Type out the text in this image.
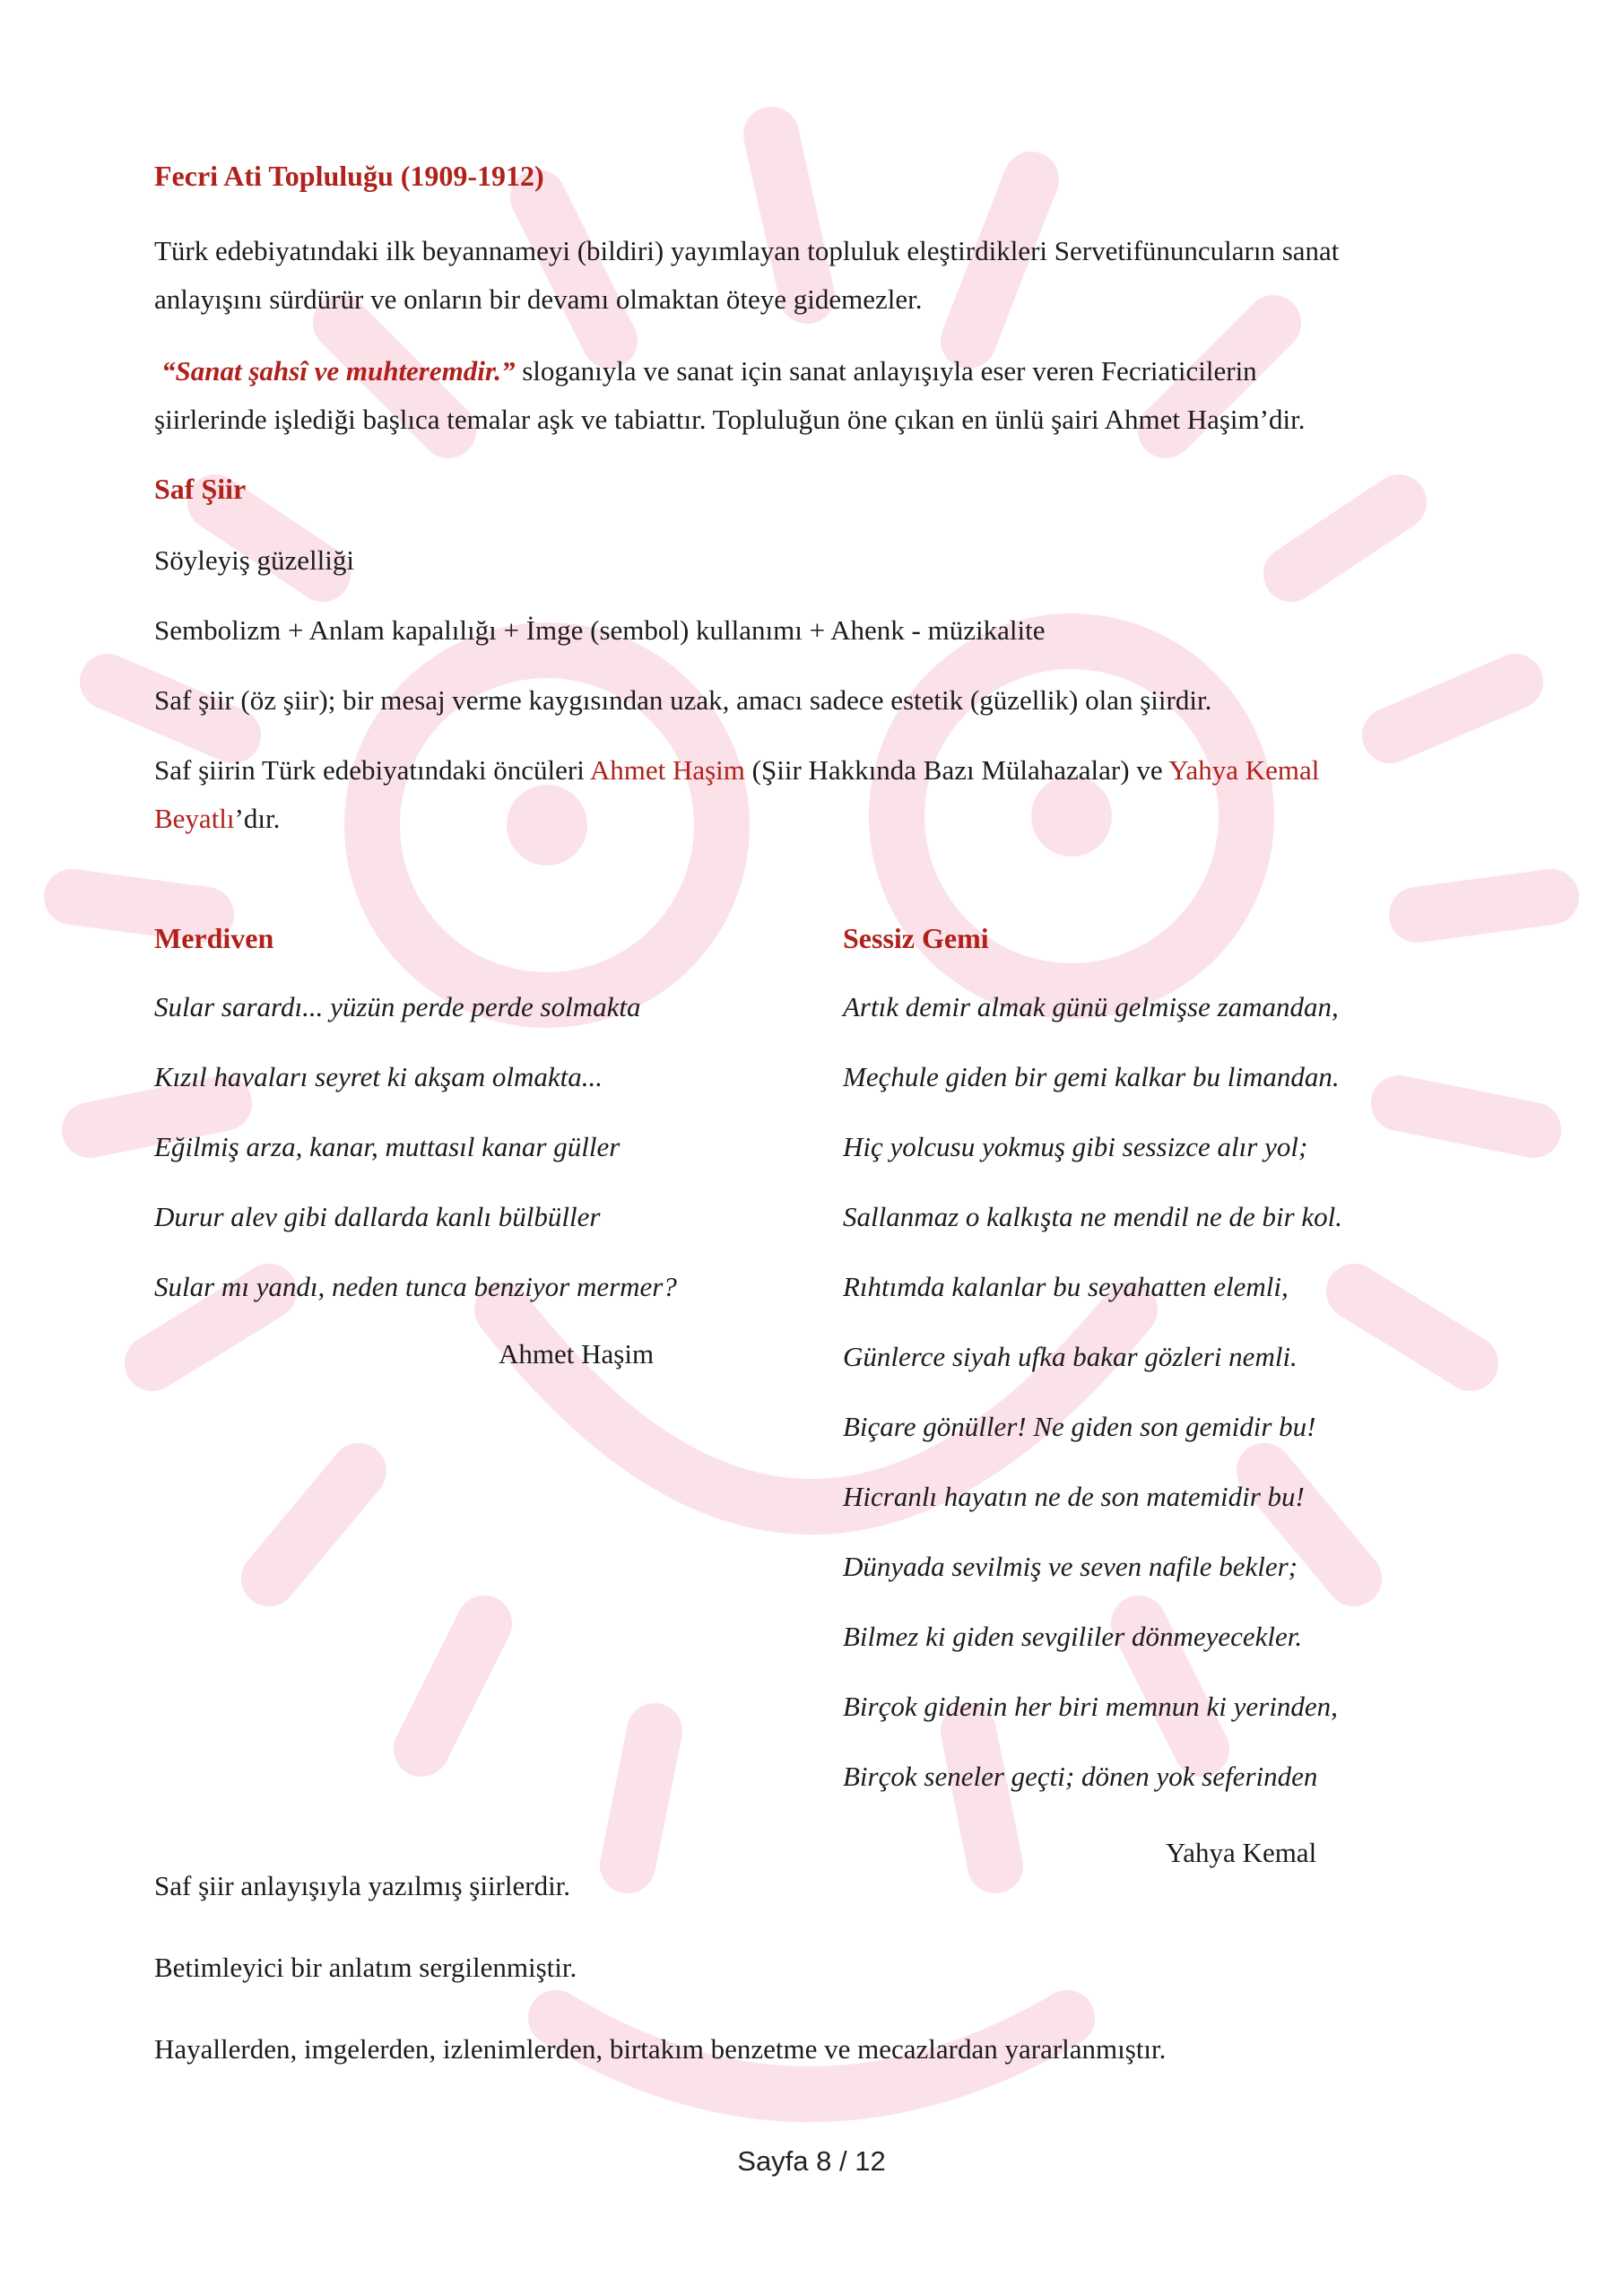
Fecri Ati Topluluğu (1909-1912)
Türk edebiyatındaki ilk beyannameyi (bildiri) yayımlayan topluluk eleştirdikleri Servetifünuncuların sanat
anlayışını sürdürür ve onların bir devamı olmaktan öteye gidemezler.
“Sanat şahsî ve muhteremdir.” sloganıyla ve sanat için sanat anlayışıyla eser veren Fecriaticilerin
şiirlerinde işlediği başlıca temalar aşk ve tabiattır. Topluluğun öne çıkan en ünlü şairi Ahmet Haşim’dir.
Saf Şiir
Söyleyiş güzelliği
Sembolizm + Anlam kapalılığı + İmge (sembol) kullanımı + Ahenk - müzikalite
Saf şiir (öz şiir); bir mesaj verme kaygısından uzak, amacı sadece estetik (güzellik) olan şiirdir.
Saf şiirin Türk edebiyatındaki öncüleri Ahmet Haşim (Şiir Hakkında Bazı Mülahazalar) ve Yahya Kemal
Beyatlı’dır.
Merdiven
Sular sarardı... yüzün perde perde solmakta
Kızıl havaları seyret ki akşam olmakta...
Eğilmiş arza, kanar, muttasıl kanar güller
Durur alev gibi dallarda kanlı bülbüller
Sular mı yandı, neden tunca benziyor mermer?
Ahmet Haşim
Sessiz Gemi
Artık demir almak günü gelmişse zamandan,
Meçhule giden bir gemi kalkar bu limandan.
Hiç yolcusu yokmuş gibi sessizce alır yol;
Sallanmaz o kalkışta ne mendil ne de bir kol.
Rıhtımda kalanlar bu seyahatten elemli,
Günlerce siyah ufka bakar gözleri nemli.
Biçare gönüller! Ne giden son gemidir bu!
Hicranlı hayatın ne de son matemidir bu!
Dünyada sevilmiş ve seven nafile bekler;
Bilmez ki giden sevgililer dönmeyecekler.
Birçok gidenin her biri memnun ki yerinden,
Birçok seneler geçti; dönen yok seferinden
Yahya Kemal
Saf şiir anlayışıyla yazılmış şiirlerdir.
Betimleyici bir anlatım sergilenmiştir.
Hayallerden, imgelerden, izlenimlerden, birtakım benzetme ve mecazlardan yararlanmıştır.
Sayfa 8 / 12
